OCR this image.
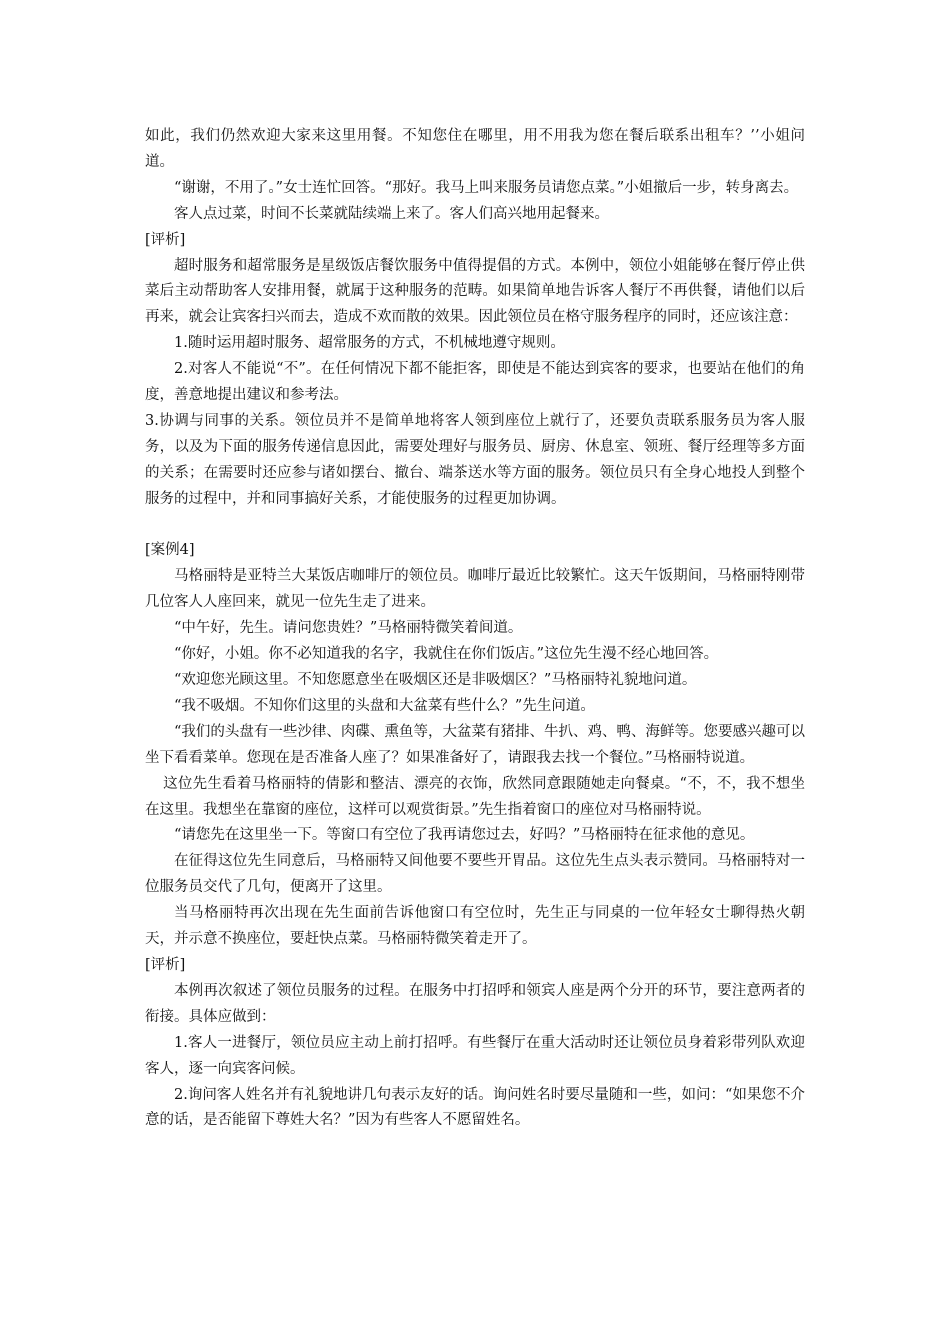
如此，我们仍然欢迎大家来这里用餐。不知您住在哪里，用不用我为您在餐后联系出租车？’’小姐问道。

“谢谢，不用了。”女士连忙回答。“那好。我马上叫来服务员请您点菜。”小姐撤后一步，转身离去。

客人点过菜，时间不长菜就陆续端上来了。客人们高兴地用起餐来。

[评析]

超时服务和超常服务是星级饭店餐饮服务中值得提倡的方式。本例中，领位小姐能够在餐厅停止供菜后主动帮助客人安排用餐，就属于这种服务的范畴。如果简单地告诉客人餐厅不再供餐，请他们以后再来，就会让宾客扫兴而去，造成不欢而散的效果。因此领位员在格守服务程序的同时，还应该注意：

1.随时运用超时服务、超常服务的方式，不机械地遵守规则。

2.对客人不能说“不”。在任何情况下都不能拒客，即使是不能达到宾客的要求，也要站在他们的角度，善意地提出建议和参考法。

3.协调与同事的关系。领位员并不是简单地将客人领到座位上就行了，还要负责联系服务员为客人服务，以及为下面的服务传递信息因此，需要处理好与服务员、厨房、休息室、领班、餐厅经理等多方面的关系；在需要时还应参与诸如摆台、撤台、端茶送水等方面的服务。领位员只有全身心地投人到整个服务的过程中，并和同事搞好关系，才能使服务的过程更加协调。

[案例4]

马格丽特是亚特兰大某饭店咖啡厅的领位员。咖啡厅最近比较繁忙。这天午饭期间，马格丽特刚带几位客人人座回来，就见一位先生走了进来。

“中午好，先生。请问您贵姓？”马格丽特微笑着间道。

“你好，小姐。你不必知道我的名字，我就住在你们饭店。”这位先生漫不经心地回答。

“欢迎您光顾这里。不知您愿意坐在吸烟区还是非吸烟区？”马格丽特礼貌地问道。

“我不吸烟。不知你们这里的头盘和大盆菜有些什么？”先生问道。

“我们的头盘有一些沙律、肉碟、熏鱼等，大盆菜有猪排、牛扒、鸡、鸭、海鲜等。您要感兴趣可以坐下看看菜单。您现在是否准备人座了？如果准备好了，请跟我去找一个餐位。”马格丽特说道。

这位先生看着马格丽特的倩影和整洁、漂亮的衣饰，欣然同意跟随她走向餐桌。“不，不，我不想坐在这里。我想坐在靠窗的座位，这样可以观赏街景。”先生指着窗口的座位对马格丽特说。

“请您先在这里坐一下。等窗口有空位了我再请您过去，好吗？”马格丽特在征求他的意见。

在征得这位先生同意后，马格丽特又间他要不要些开胃品。这位先生点头表示赞同。马格丽特对一位服务员交代了几句，便离开了这里。

当马格丽特再次出现在先生面前告诉他窗口有空位时，先生正与同桌的一位年轻女士聊得热火朝天，并示意不换座位，要赶快点菜。马格丽特微笑着走开了。

[评析]

本例再次叙述了领位员服务的过程。在服务中打招呼和领宾人座是两个分开的环节，要注意两者的衔接。具体应做到：

1.客人一进餐厅，领位员应主动上前打招呼。有些餐厅在重大活动时还让领位员身着彩带列队欢迎客人，逐一向宾客问候。

2.询问客人姓名并有礼貌地讲几句表示友好的话。询问姓名时要尽量随和一些，如问：“如果您不介意的话，是否能留下尊姓大名？”因为有些客人不愿留姓名。
